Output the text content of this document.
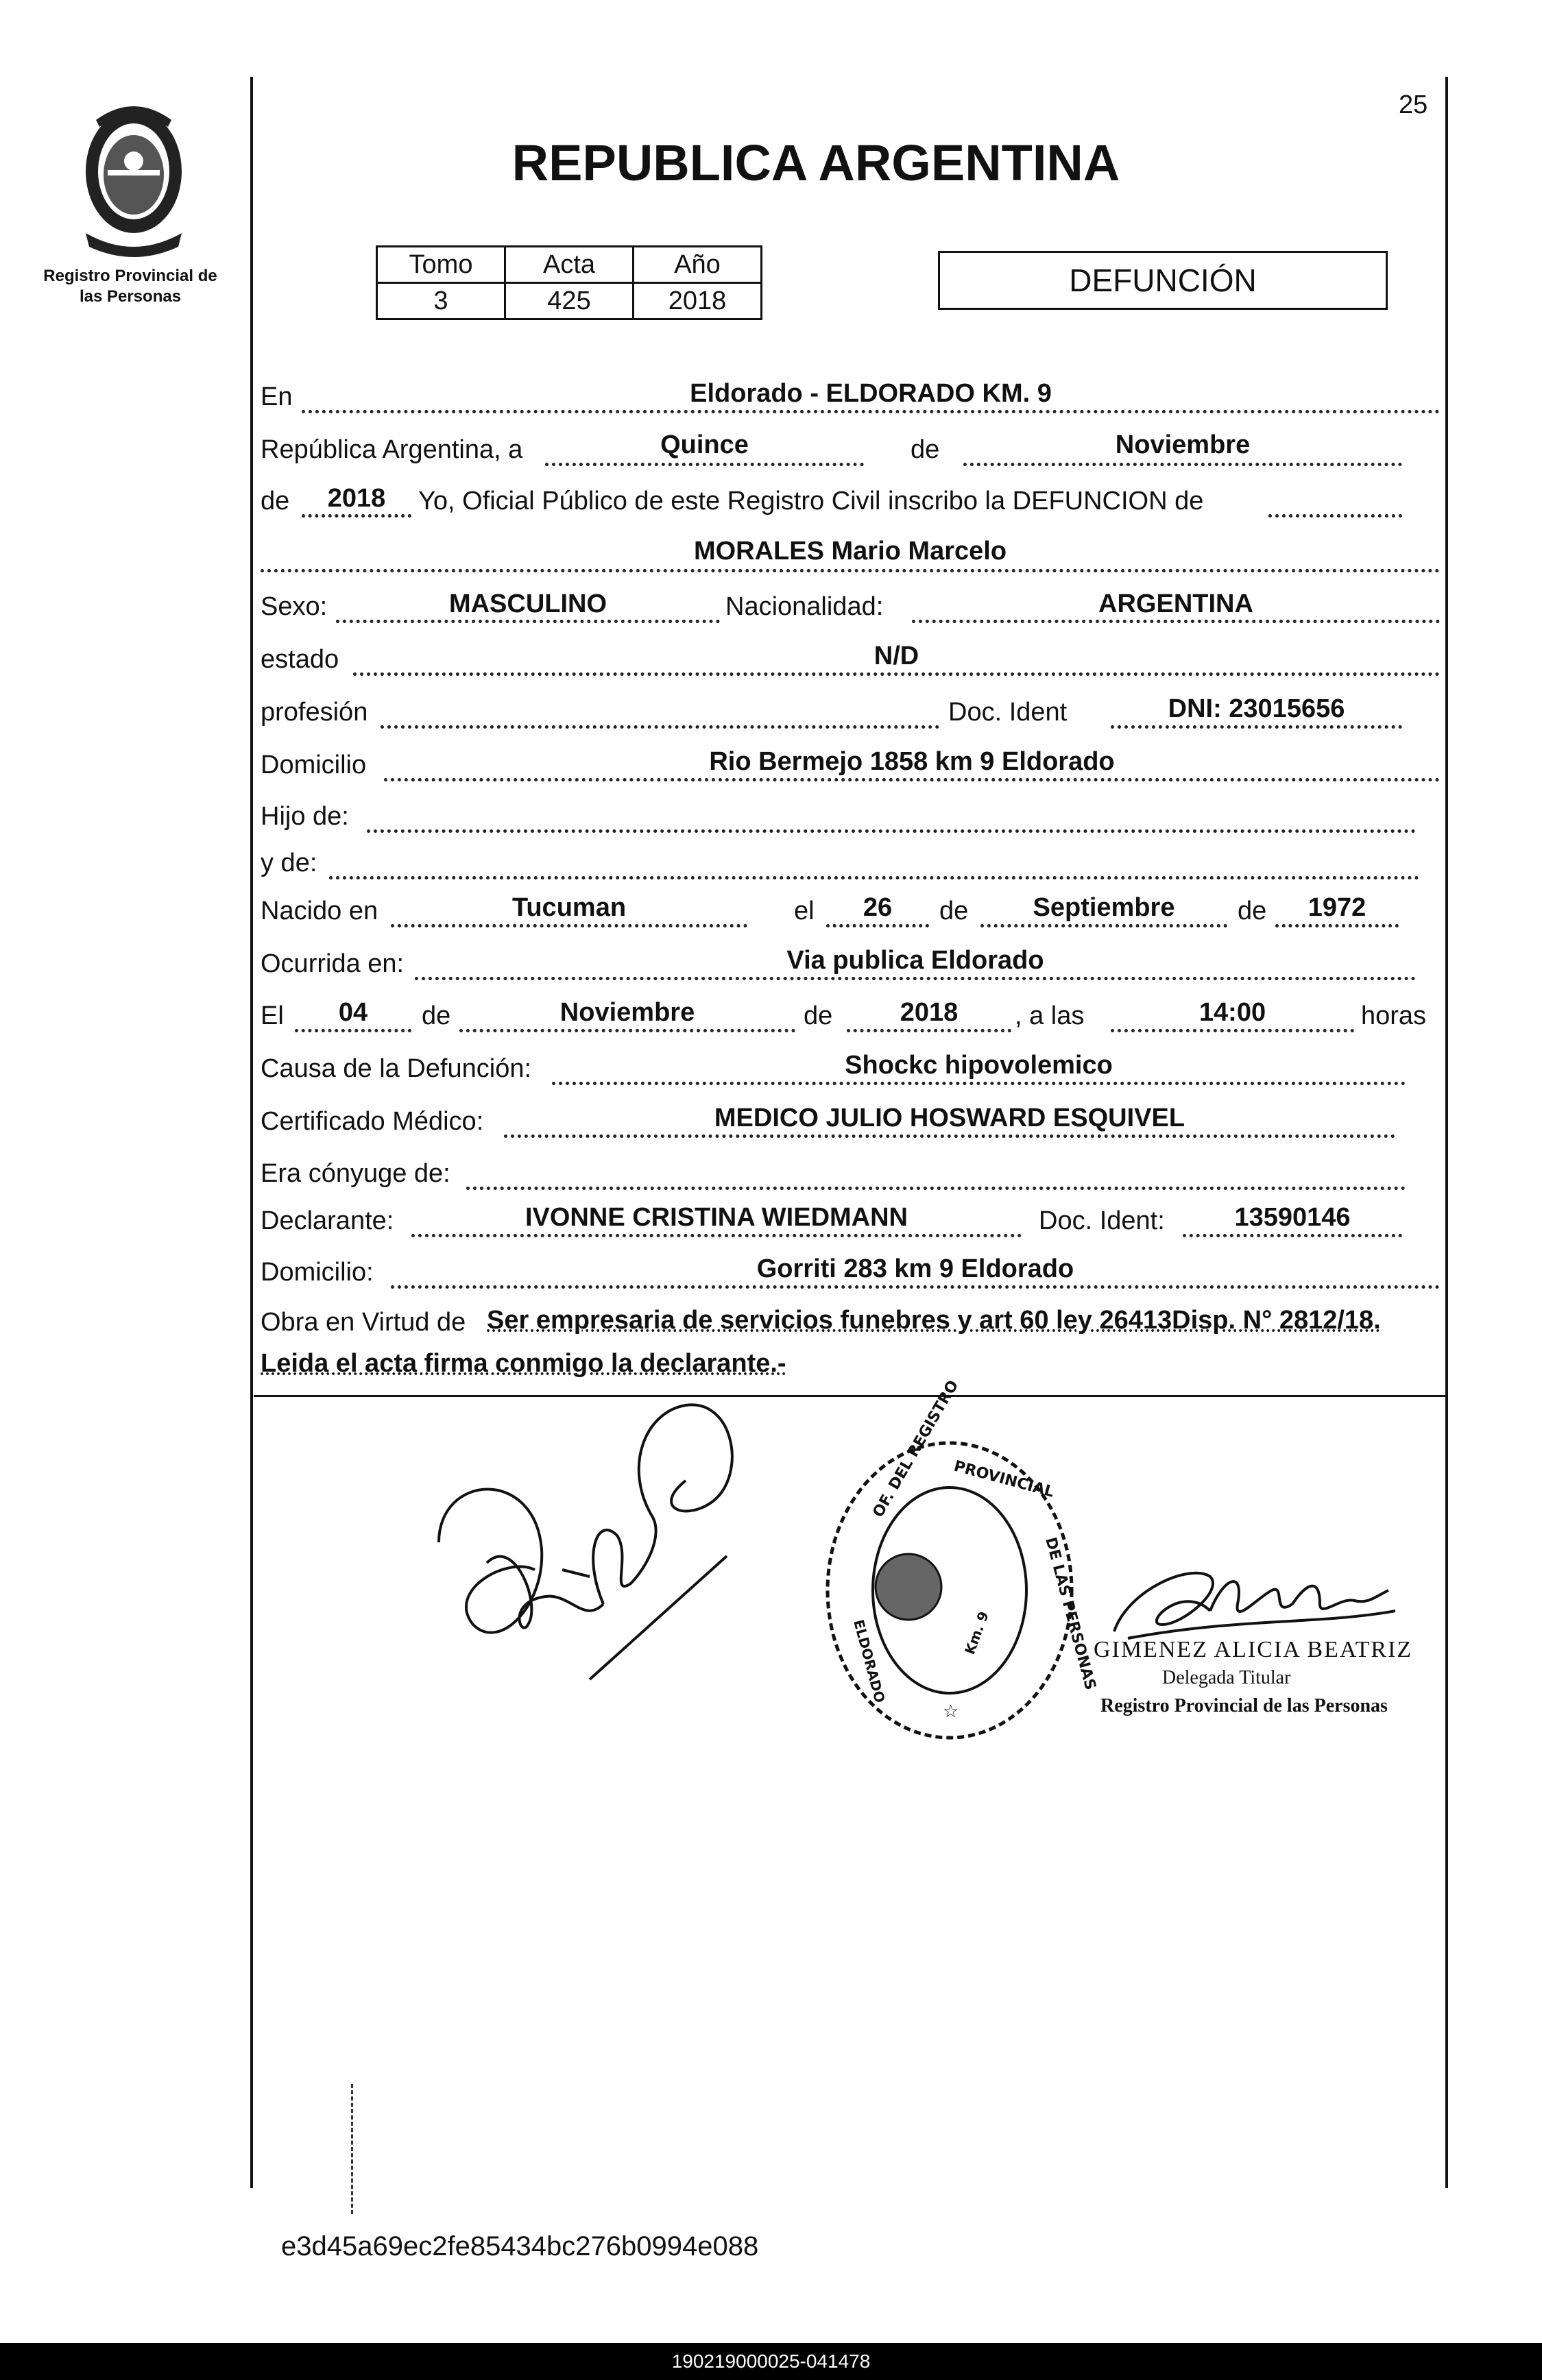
Registro Provincial de
las Personas
25
REPUBLICA ARGENTINA
Tomo	Acta	Año
3	425	2018
DEFUNCIÓN
En	Eldorado - ELDORADO KM. 9
República Argentina, a	Quince	de	Noviembre
de	2018	Yo, Oficial Público de este Registro Civil inscribo la DEFUNCION de
MORALES Mario Marcelo
Sexo:	MASCULINO	Nacionalidad:	ARGENTINA
estado	N/D
profesión	Doc. Ident	DNI: 23015656
Domicilio	Rio Bermejo 1858 km 9 Eldorado
Hijo de:
y de:
Nacido en	Tucuman	el	26	de	Septiembre	de	1972
Ocurrida en:	Via publica Eldorado
El	04	de	Noviembre	de	2018	, a las	14:00	horas
Causa de la Defunción:	Shockc hipovolemico
Certificado Médico:	MEDICO JULIO HOSWARD ESQUIVEL
Era cónyuge de:
Declarante:	IVONNE CRISTINA WIEDMANN	Doc. Ident:	13590146
Domicilio:	Gorriti 283 km 9 Eldorado
Obra en Virtud de Ser empresaria de servicios funebres y art 60 ley 26413Disp. N° 2812/18.
Leida el acta firma conmigo la declarante.-
OF. DEL REGISTRO
PROVINCIAL
DE LAS PERSONAS
ELDORADO	Km. 9
☆
GIMENEZ ALICIA BEATRIZ
Delegada Titular
Registro Provincial de las Personas
e3d45a69ec2fe85434bc276b0994e088
190219000025-041478
